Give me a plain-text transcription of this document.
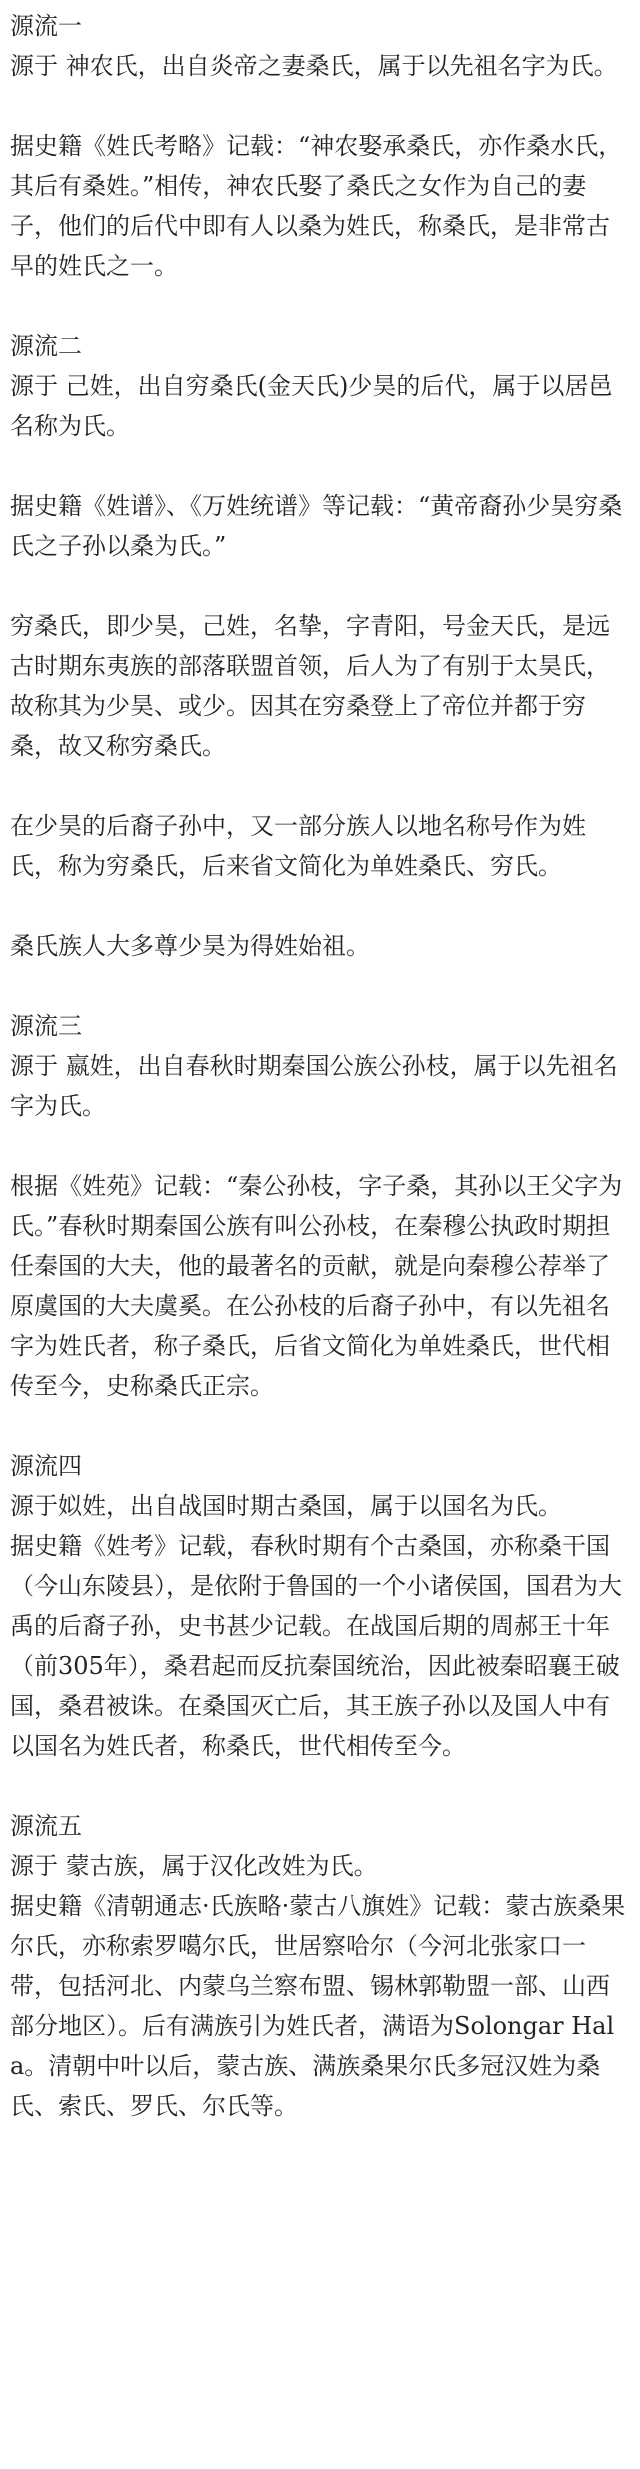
源流一

源于 神农氏，出自炎帝之妻桑氏，属于以先祖名字为氏。

据史籍《姓氏考略》记载：“神农娶承桑氏，亦作桑水氏，其后有桑姓。”相传，神农氏娶了桑氏之女作为自己的妻子，他们的后代中即有人以桑为姓氏，称桑氏，是非常古早的姓氏之一。

源流二

源于 己姓，出自穷桑氏(金天氏)少昊的后代，属于以居邑名称为氏。

据史籍《姓谱》、《万姓统谱》等记载：“黄帝裔孙少昊穷桑氏之子孙以桑为氏。”

穷桑氏，即少昊，己姓，名挚，字青阳，号金天氏，是远古时期东夷族的部落联盟首领，后人为了有别于太昊氏，故称其为少昊、或少。因其在穷桑登上了帝位并都于穷桑，故又称穷桑氏。

在少昊的后裔子孙中，又一部分族人以地名称号作为姓氏，称为穷桑氏，后来省文简化为单姓桑氏、穷氏。

桑氏族人大多尊少昊为得姓始祖。

源流三

源于 嬴姓，出自春秋时期秦国公族公孙枝，属于以先祖名字为氏。

根据《姓苑》记载：“秦公孙枝，字子桑，其孙以王父字为氏。”春秋时期秦国公族有叫公孙枝，在秦穆公执政时期担任秦国的大夫，他的最著名的贡献，就是向秦穆公荐举了原虞国的大夫虞奚。在公孙枝的后裔子孙中，有以先祖名字为姓氏者，称子桑氏，后省文简化为单姓桑氏，世代相传至今，史称桑氏正宗。

源流四

源于姒姓，出自战国时期古桑国，属于以国名为氏。

据史籍《姓考》记载，春秋时期有个古桑国，亦称桑干国（今山东陵县），是依附于鲁国的一个小诸侯国，国君为大禹的后裔子孙，史书甚少记载。在战国后期的周郝王十年（前305年），桑君起而反抗秦国统治，因此被秦昭襄王破国，桑君被诛。在桑国灭亡后，其王族子孙以及国人中有以国名为姓氏者，称桑氏，世代相传至今。

源流五

源于 蒙古族，属于汉化改姓为氏。

据史籍《清朝通志·氏族略·蒙古八旗姓》记载：蒙古族桑果尔氏，亦称索罗噶尔氏，世居察哈尔（今河北张家口一带，包括河北、内蒙乌兰察布盟、锡林郭勒盟一部、山西部分地区）。后有满族引为姓氏者，满语为Solongar Hala。清朝中叶以后，蒙古族、满族桑果尔氏多冠汉姓为桑氏、索氏、罗氏、尔氏等。
